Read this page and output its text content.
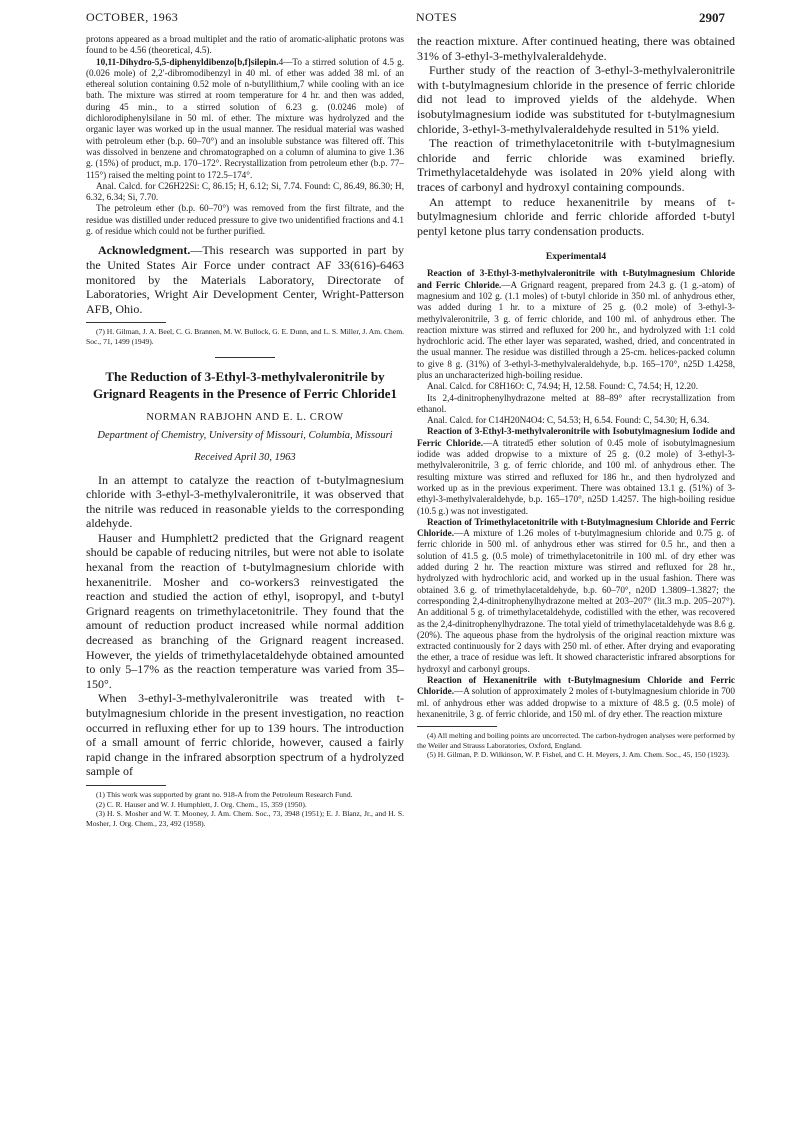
OCTOBER, 1963	NOTES	2907

protons appeared as a broad multiplet and the ratio of aromatic-aliphatic protons was found to be 4.56 (theoretical, 4.5).

10,11-Dihydro-5,5-diphenyldibenzo[b,f]silepin.4—To a stirred solution of 4.5 g. (0.026 mole) of 2,2′-dibromodibenzyl in 40 ml. of ether was added 38 ml. of an ethereal solution containing 0.52 mole of n-butyllithium,7 while cooling with an ice bath. The mixture was stirred at room temperature for 4 hr. and then was added, during 45 min., to a stirred solution of 6.23 g. (0.0246 mole) of dichlorodiphenylsilane in 50 ml. of ether. The mixture was hydrolyzed and the organic layer was worked up in the usual manner. The residual material was washed with petroleum ether (b.p. 60–70°) and an insoluble substance was filtered off. This was dissolved in benzene and chromatographed on a column of alumina to give 1.36 g. (15%) of product, m.p. 170–172°. Recrystallization from petroleum ether (b.p. 77–115°) raised the melting point to 172.5–174°.

Anal. Calcd. for C26H22Si: C, 86.15; H, 6.12; Si, 7.74. Found: C, 86.49, 86.30; H, 6.32, 6.34; Si, 7.70.

The petroleum ether (b.p. 60–70°) was removed from the first filtrate, and the residue was distilled under reduced pressure to give two unidentified fractions and 4.1 g. of residue which could not be further purified.

Acknowledgment.—This research was supported in part by the United States Air Force under contract AF 33(616)-6463 monitored by the Materials Laboratory, Directorate of Laboratories, Wright Air Development Center, Wright-Patterson AFB, Ohio.

(7) H. Gilman, J. A. Beel, C. G. Brannen, M. W. Bullock, G. E. Dunn, and L. S. Miller, J. Am. Chem. Soc., 71, 1499 (1949).

The Reduction of 3-Ethyl-3-methylvaleronitrile by Grignard Reagents in the Presence of Ferric Chloride1
NORMAN RABJOHN AND E. L. CROW
Department of Chemistry, University of Missouri, Columbia, Missouri
Received April 30, 1963

In an attempt to catalyze the reaction of t-butylmagnesium chloride with 3-ethyl-3-methylvaleronitrile, it was observed that the nitrile was reduced in reasonable yields to the corresponding aldehyde.

Hauser and Humphlett2 predicted that the Grignard reagent should be capable of reducing nitriles, but were not able to isolate hexanal from the reaction of t-butylmagnesium chloride with hexanenitrile. Mosher and co-workers3 reinvestigated the reaction and studied the action of ethyl, isopropyl, and t-butyl Grignard reagents on trimethylacetonitrile. They found that the amount of reduction product increased while normal addition decreased as branching of the Grignard reagent increased. However, the yields of trimethylacetaldehyde obtained amounted to only 5–17% as the reaction temperature was varied from 35–150°.

When 3-ethyl-3-methylvaleronitrile was treated with t-butylmagnesium chloride in the present investigation, no reaction occurred in refluxing ether for up to 139 hours. The introduction of a small amount of ferric chloride, however, caused a fairly rapid change in the infrared absorption spectrum of a hydrolyzed sample of

(1) This work was supported by grant no. 918-A from the Petroleum Research Fund.

(2) C. R. Hauser and W. J. Humphlett, J. Org. Chem., 15, 359 (1950).

(3) H. S. Mosher and W. T. Mooney, J. Am. Chem. Soc., 73, 3948 (1951); E. J. Blanz, Jr., and H. S. Mosher, J. Org. Chem., 23, 492 (1958).

the reaction mixture. After continued heating, there was obtained 31% of 3-ethyl-3-methylvaleraldehyde.

Further study of the reaction of 3-ethyl-3-methylvaleronitrile with t-butylmagnesium chloride in the presence of ferric chloride did not lead to improved yields of the aldehyde. When isobutylmagnesium iodide was substituted for t-butylmagnesium chloride, 3-ethyl-3-methylvaleraldehyde resulted in 51% yield.

The reaction of trimethylacetonitrile with t-butylmagnesium chloride and ferric chloride was examined briefly. Trimethylacetaldehyde was isolated in 20% yield along with traces of carbonyl and hydroxyl containing compounds.

An attempt to reduce hexanenitrile by means of t-butylmagnesium chloride and ferric chloride afforded t-butyl pentyl ketone plus tarry condensation products.

Experimental4

Reaction of 3-Ethyl-3-methylvaleronitrile with t-Butylmagnesium Chloride and Ferric Chloride.—A Grignard reagent, prepared from 24.3 g. (1 g.-atom) of magnesium and 102 g. (1.1 moles) of t-butyl chloride in 350 ml. of anhydrous ether, was added during 1 hr. to a mixture of 25 g. (0.2 mole) of 3-ethyl-3-methylvaleronitrile, 3 g. of ferric chloride, and 100 ml. of anhydrous ether. The reaction mixture was stirred and refluxed for 200 hr., and hydrolyzed with 1:1 cold hydrochloric acid. The ether layer was separated, washed, dried, and concentrated in the usual manner. The residue was distilled through a 25-cm. helices-packed column to give 8 g. (31%) of 3-ethyl-3-methylvaleraldehyde, b.p. 165–170°, n25D 1.4258, plus an uncharacterized high-boiling residue.

Anal. Calcd. for C8H16O: C, 74.94; H, 12.58. Found: C, 74.54; H, 12.20.

Its 2,4-dinitrophenylhydrazone melted at 88–89° after recrystallization from ethanol.

Anal. Calcd. for C14H20N4O4: C, 54.53; H, 6.54. Found: C, 54.30; H, 6.34.

Reaction of 3-Ethyl-3-methylvaleronitrile with Isobutylmagnesium Iodide and Ferric Chloride.—A titrated5 ether solution of 0.45 mole of isobutylmagnesium iodide was added dropwise to a mixture of 25 g. (0.2 mole) of 3-ethyl-3-methylvaleronitrile, 3 g. of ferric chloride, and 100 ml. of anhydrous ether. The resulting mixture was stirred and refluxed for 186 hr., and then hydrolyzed and worked up as in the previous experiment. There was obtained 13.1 g. (51%) of 3-ethyl-3-methylvaleraldehyde, b.p. 165–170°, n25D 1.4257. The high-boiling residue (10.5 g.) was not investigated.

Reaction of Trimethylacetonitrile with t-Butylmagnesium Chloride and Ferric Chloride.—A mixture of 1.26 moles of t-butylmagnesium chloride and 0.75 g. of ferric chloride in 500 ml. of anhydrous ether was stirred for 0.5 hr., and then a solution of 41.5 g. (0.5 mole) of trimethylacetonitrile in 100 ml. of dry ether was added during 2 hr. The reaction mixture was stirred and refluxed for 28 hr., hydrolyzed with hydrochloric acid, and worked up in the usual fashion. There was obtained 3.6 g. of trimethylacetaldehyde, b.p. 60–70°, n20D 1.3809–1.3827; the corresponding 2,4-dinitrophenylhydrazone melted at 203–207° (lit.3 m.p. 205–207°). An additional 5 g. of trimethylacetaldehyde, codistilled with the ether, was recovered as the 2,4-dinitrophenylhydrazone. The total yield of trimethylacetaldehyde was 8.6 g. (20%). The aqueous phase from the hydrolysis of the original reaction mixture was extracted continuously for 2 days with 250 ml. of ether. After drying and evaporating the ether, a trace of residue was left. It showed characteristic infrared absorptions for hydroxyl and carbonyl groups.

Reaction of Hexanenitrile with t-Butylmagnesium Chloride and Ferric Chloride.—A solution of approximately 2 moles of t-butylmagnesium chloride in 700 ml. of anhydrous ether was added dropwise to a mixture of 48.5 g. (0.5 mole) of hexanenitrile, 3 g. of ferric chloride, and 150 ml. of dry ether. The reaction mixture

(4) All melting and boiling points are uncorrected. The carbon-hydrogen analyses were performed by the Weiler and Strauss Laboratories, Oxford, England.

(5) H. Gilman, P. D. Wilkinson, W. P. Fishel, and C. H. Meyers, J. Am. Chem. Soc., 45, 150 (1923).
